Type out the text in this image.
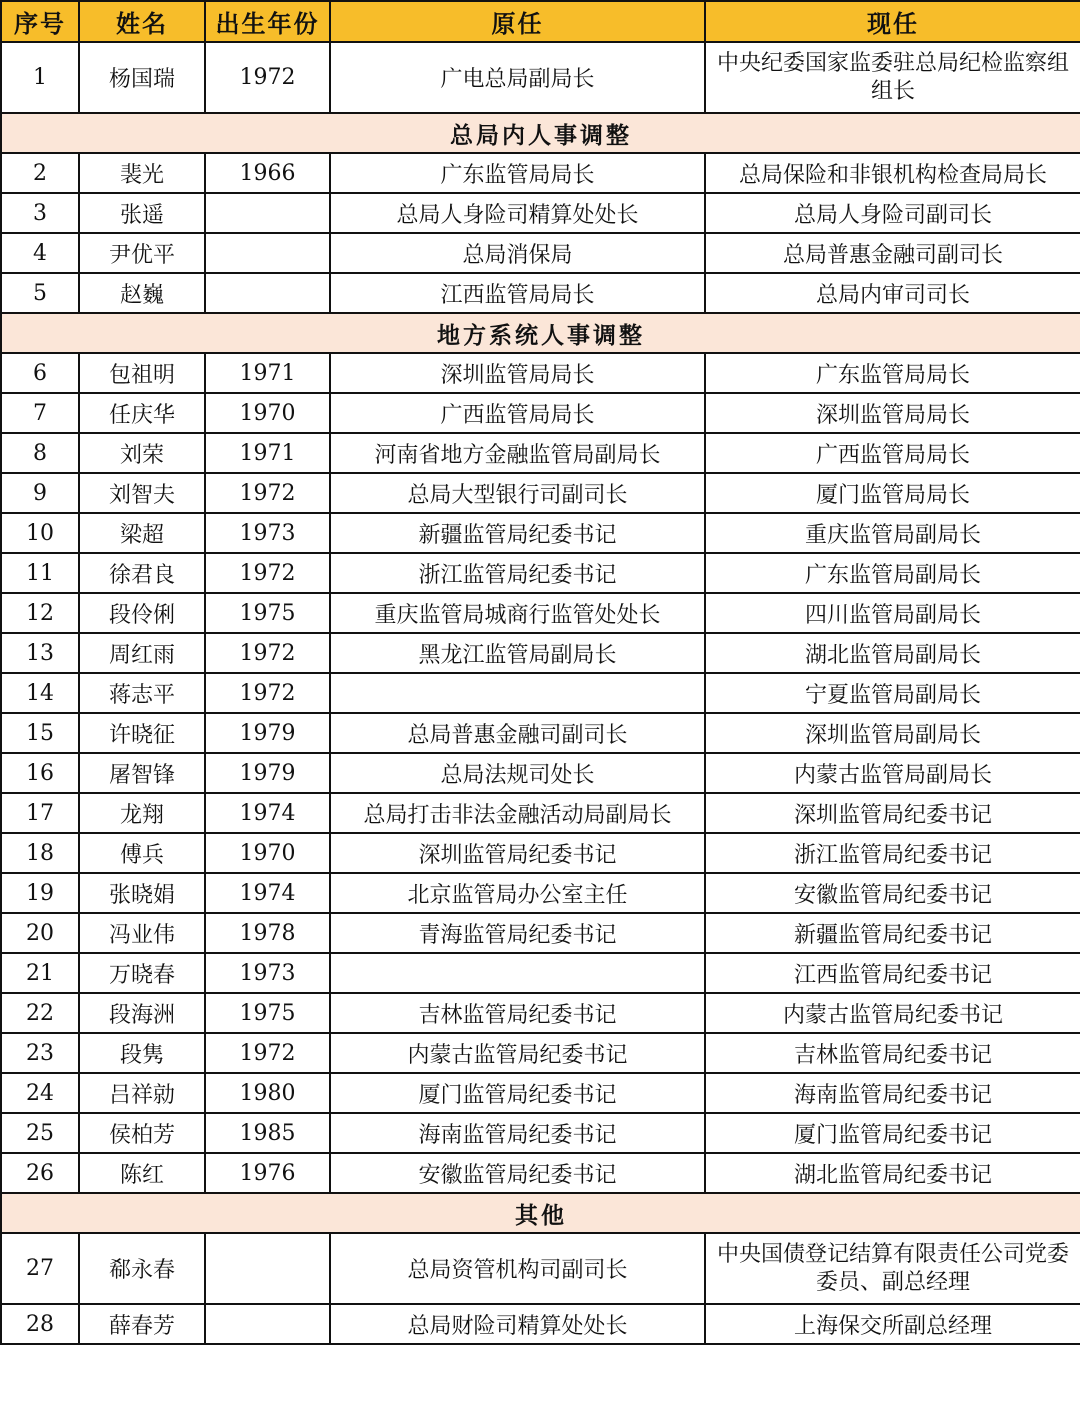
序号	姓名	出生年份	原任	现任
1	杨国瑞	1972	广电总局副局长	中央纪委国家监委驻总局纪检监察组组长
总局内人事调整				
2	裴光	1966	广东监管局局长	总局保险和非银机构检查局局长
3	张遥		总局人身险司精算处处长	总局人身险司副司长
4	尹优平		总局消保局	总局普惠金融司副司长
5	赵巍		江西监管局局长	总局内审司司长
地方系统人事调整				
6	包祖明	1971	深圳监管局局长	广东监管局局长
7	任庆华	1970	广西监管局局长	深圳监管局局长
8	刘荣	1971	河南省地方金融监管局副局长	广西监管局局长
9	刘智夫	1972	总局大型银行司副司长	厦门监管局局长
10	梁超	1973	新疆监管局纪委书记	重庆监管局副局长
11	徐君良	1972	浙江监管局纪委书记	广东监管局副局长
12	段伶俐	1975	重庆监管局城商行监管处处长	四川监管局副局长
13	周红雨	1972	黑龙江监管局副局长	湖北监管局副局长
14	蒋志平	1972		宁夏监管局副局长
15	许晓征	1979	总局普惠金融司副司长	深圳监管局副局长
16	屠智锋	1979	总局法规司处长	内蒙古监管局副局长
17	龙翔	1974	总局打击非法金融活动局副局长	深圳监管局纪委书记
18	傅兵	1970	深圳监管局纪委书记	浙江监管局纪委书记
19	张晓娟	1974	北京监管局办公室主任	安徽监管局纪委书记
20	冯业伟	1978	青海监管局纪委书记	新疆监管局纪委书记
21	万晓春	1973		江西监管局纪委书记
22	段海洲	1975	吉林监管局纪委书记	内蒙古监管局纪委书记
23	段隽	1972	内蒙古监管局纪委书记	吉林监管局纪委书记
24	吕祥勍	1980	厦门监管局纪委书记	海南监管局纪委书记
25	侯柏芳	1985	海南监管局纪委书记	厦门监管局纪委书记
26	陈红	1976	安徽监管局纪委书记	湖北监管局纪委书记
其他				
27	郗永春		总局资管机构司副司长	中央国债登记结算有限责任公司党委委员、副总经理
28	薛春芳		总局财险司精算处处长	上海保交所副总经理
